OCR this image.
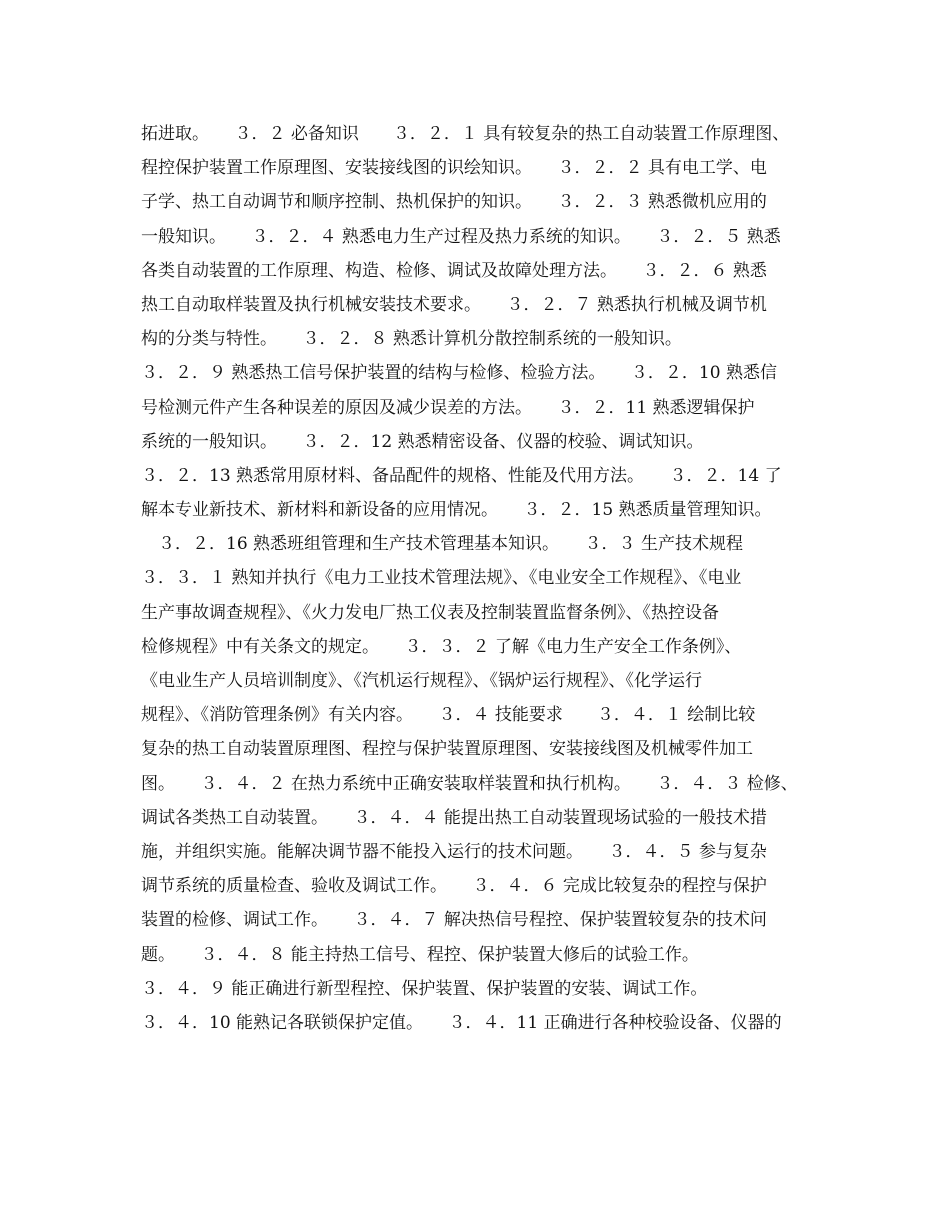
拓进取。　　３．２ 必备知识　　３．２．１ 具有较复杂的热工自动装置工作原理图、
程控保护装置工作原理图、安装接线图的识绘知识。　　３．２．２ 具有电工学、电
子学、热工自动调节和顺序控制、热机保护的知识。　　３．２．３ 熟悉微机应用的
一般知识。　　３．２．４ 熟悉电力生产过程及热力系统的知识。　　３．２．５ 熟悉
各类自动装置的工作原理、构造、检修、调试及故障处理方法。　　３．２．６ 熟悉
热工自动取样装置及执行机械安装技术要求。　　３．２．７ 熟悉执行机械及调节机
构的分类与特性。　　３．２．８ 熟悉计算机分散控制系统的一般知识。
３．２．９ 熟悉热工信号保护装置的结构与检修、检验方法。　　３．２．10 熟悉信
号检测元件产生各种误差的原因及减少误差的方法。　　３．２．11 熟悉逻辑保护
系统的一般知识。　　３．２．12 熟悉精密设备、仪器的校验、调试知识。
３．２．13 熟悉常用原材料、备品配件的规格、性能及代用方法。　　３．２．14 了
解本专业新技术、新材料和新设备的应用情况。　　３．２．15 熟悉质量管理知识。
　３．２．16 熟悉班组管理和生产技术管理基本知识。　　３．３ 生产技术规程
３．３．１ 熟知并执行《电力工业技术管理法规》、《电业安全工作规程》、《电业
生产事故调查规程》、《火力发电厂热工仪表及控制装置监督条例》、《热控设备
检修规程》中有关条文的规定。　　３．３．２ 了解《电力生产安全工作条例》、
《电业生产人员培训制度》、《汽机运行规程》、《锅炉运行规程》、《化学运行
规程》、《消防管理条例》有关内容。　　３．４ 技能要求　　３．４．１ 绘制比较
复杂的热工自动装置原理图、程控与保护装置原理图、安装接线图及机械零件加工
图。　　３．４．２ 在热力系统中正确安装取样装置和执行机构。　　３．４．３ 检修、
调试各类热工自动装置。　　３．４．４ 能提出热工自动装置现场试验的一般技术措
施，并组织实施。能解决调节器不能投入运行的技术问题。　　３．４．５ 参与复杂
调节系统的质量检查、验收及调试工作。　　３．４．６ 完成比较复杂的程控与保护
装置的检修、调试工作。　　３．４．７ 解决热信号程控、保护装置较复杂的技术问
题。　　３．４．８ 能主持热工信号、程控、保护装置大修后的试验工作。
３．４．９ 能正确进行新型程控、保护装置、保护装置的安装、调试工作。
３．４．10 能熟记各联锁保护定值。　　３．４．11 正确进行各种校验设备、仪器的
